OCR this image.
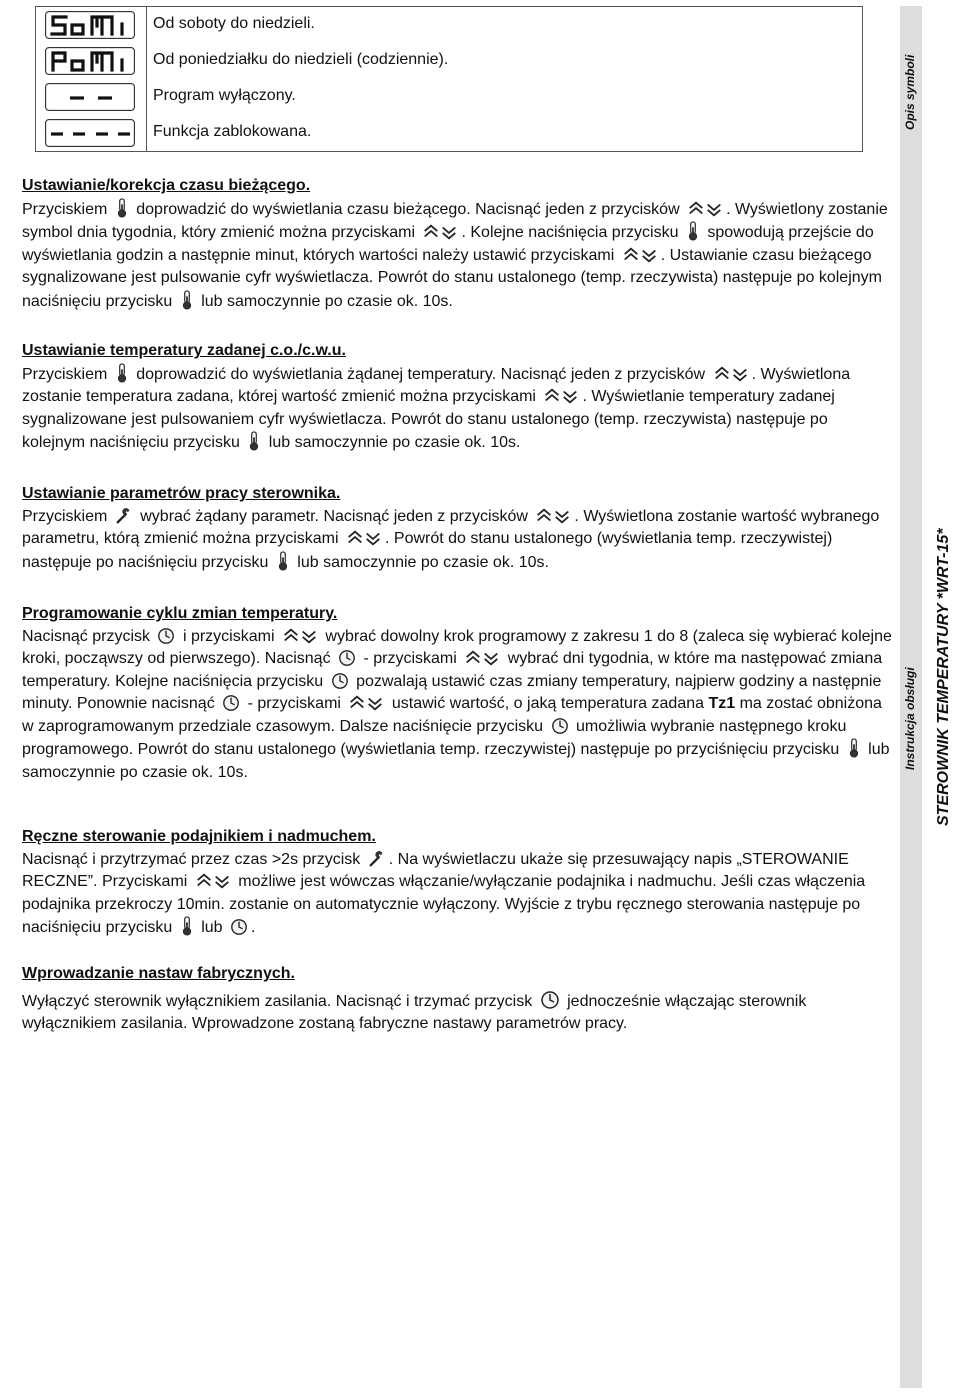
Od soboty do niedzieli.
Od poniedziałku do niedzieli (codziennie).
Program wyłączony.
Funkcja zablokowana.
Opis symboli
Instrukcja obsługi STEROWNIK TEMPERATURY *WRT-15*
Ustawianie/korekcja czasu bieżącego.

Przyciskiem doprowadzić do wyświetlania czasu bieżącego. Nacisnąć jeden z przycisków	. Wyświetlony zostanie symbol dnia tygodnia, który zmienić można przyciskami	. Kolejne naciśnięcia przycisku spowodują przejście do wyświetlania godzin a następnie minut, których wartości należy ustawić przyciskami	. Ustawianie czasu bieżącego sygnalizowane jest pulsowanie cyfr wyświetlacza. Powrót do stanu ustalonego (temp. rzeczywista) następuje po kolejnym naciśnięciu przycisku lub samoczynnie po czasie ok. 10s.

Ustawianie temperatury zadanej c.o./c.w.u.

Przyciskiem doprowadzić do wyświetlania żądanej temperatury. Nacisnąć jeden z przycisków	. Wyświetlona zostanie temperatura zadana, której wartość zmienić można przyciskami	. Wyświetlanie temperatury zadanej sygnalizowane jest pulsowaniem cyfr wyświetlacza. Powrót do stanu ustalonego (temp. rzeczywista) następuje po kolejnym naciśnięciu przycisku lub samoczynnie po czasie ok. 10s.

Ustawianie parametrów pracy sterownika.

Przyciskiem wybrać żądany parametr. Nacisnąć jeden z przycisków	. Wyświetlona zostanie wartość wybranego parametru, którą zmienić można przyciskami	. Powrót do stanu ustalonego (wyświetlania temp. rzeczywistej) następuje po naciśnięciu przycisku lub samoczynnie po czasie ok. 10s.

Programowanie cyklu zmian temperatury.

Nacisnąć przycisk i przyciskami	wybrać dowolny krok programowy z zakresu 1 do 8 (zaleca się wybierać kolejne kroki, począwszy od pierwszego). Nacisnąć - przyciskami	wybrać dni tygodnia, w które ma następować zmiana temperatury. Kolejne naciśnięcia przycisku pozwalają ustawić czas zmiany temperatury, najpierw godziny a następnie minuty. Ponownie nacisnąć - przyciskami	ustawić wartość, o jaką temperatura zadana Tz1 ma zostać obniżona w zaprogramowanym przedziale czasowym. Dalsze naciśnięcie przycisku umożliwia wybranie następnego kroku programowego. Powrót do stanu ustalonego (wyświetlania temp. rzeczywistej) następuje po przyciśnięciu przycisku lub samoczynnie po czasie ok. 10s.

Ręczne sterowanie podajnikiem i nadmuchem.

Nacisnąć i przytrzymać przez czas >2s przycisk . Na wyświetlaczu ukaże się przesuwający napis „STEROWANIE RECZNE”. Przyciskami	możliwe jest wówczas włączanie/wyłączanie podajnika i nadmuchu. Jeśli czas włączenia podajnika przekroczy 10min. zostanie on automatycznie wyłączony. Wyjście z trybu ręcznego sterowania następuje po naciśnięciu przycisku lub .

Wprowadzanie nastaw fabrycznych.

Wyłączyć sterownik wyłącznikiem zasilania. Nacisnąć i trzymać przycisk jednocześnie włączając sterownik wyłącznikiem zasilania. Wprowadzone zostaną fabryczne nastawy parametrów pracy.
